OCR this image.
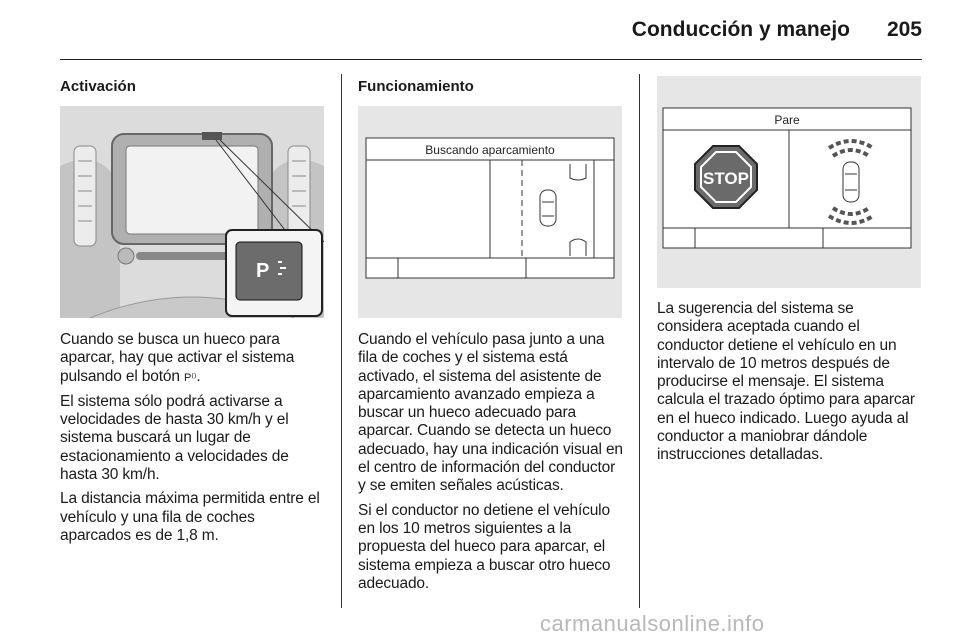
Conducción y manejo	205
Activación
P

Cuando se busca un hueco para aparcar, hay que activar el sistema pulsando el botón P⁽⁾.

El sistema sólo podrá activarse a velocidades de hasta 30 km/h y el sistema buscará un lugar de estacionamiento a velocidades de hasta 30 km/h.

La distancia máxima permitida entre el vehículo y una fila de coches aparcados es de 1,8 m.

Funcionamiento
Buscando aparcamiento

Cuando el vehículo pasa junto a una fila de coches y el sistema está activado, el sistema del asistente de aparcamiento avanzado empieza a buscar un hueco adecuado para aparcar. Cuando se detecta un hueco adecuado, hay una indicación visual en el centro de información del conductor y se emiten señales acústicas.

Si el conductor no detiene el vehículo en los 10 metros siguientes a la propuesta del hueco para aparcar, el sistema empieza a buscar otro hueco adecuado.

Pare
STOP

La sugerencia del sistema se considera aceptada cuando el conductor detiene el vehículo en un intervalo de 10 metros después de producirse el mensaje. El sistema calcula el trazado óptimo para aparcar en el hueco indicado. Luego ayuda al conductor a maniobrar dándole instrucciones detalladas.

carmanualsonline.info
